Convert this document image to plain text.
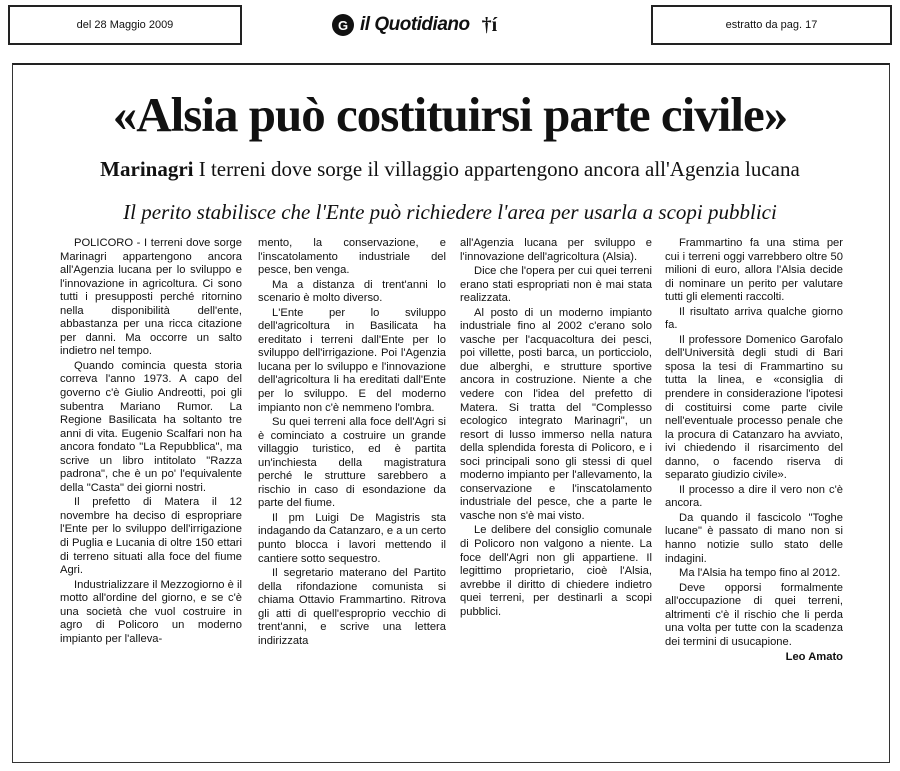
del 28 Maggio 2009	G il Quotidiano †í	estratto da pag. 17
«Alsia può costituirsi parte civile»
Marinagri I terreni dove sorge il villaggio appartengono ancora all'Agenzia lucana
Il perito stabilisce che l'Ente può richiedere l'area per usarla a scopi pubblici

POLICORO - I terreni dove sorge Marinagri appartengono ancora all'Agenzia lucana per lo sviluppo e l'innovazione in agricoltura. Ci sono tutti i presupposti perché ritornino nella disponibilità dell'ente, abbastanza per una ricca citazione per danni. Ma occorre un salto indietro nel tempo.

Quando comincia questa storia correva l'anno 1973. A capo del governo c'è Giulio Andreotti, poi gli subentra Mariano Rumor. La Regione Basilicata ha soltanto tre anni di vita. Eugenio Scalfari non ha ancora fondato "La Repubblica", ma scrive un libro intitolato "Razza padrona", che è un po' l'equivalente della "Casta" dei giorni nostri.

Il prefetto di Matera il 12 novembre ha deciso di espropriare l'Ente per lo sviluppo dell'irrigazione di Puglia e Lucania di oltre 150 ettari di terreno situati alla foce del fiume Agri.

Industrializzare il Mezzogiorno è il motto all'ordine del giorno, e se c'è una società che vuol costruire in agro di Policoro un moderno impianto per l'alleva-

mento, la conservazione, e l'inscatolamento industriale del pesce, ben venga.

Ma a distanza di trent'anni lo scenario è molto diverso.

L'Ente per lo sviluppo dell'agricoltura in Basilicata ha ereditato i terreni dall'Ente per lo sviluppo dell'irrigazione. Poi l'Agenzia lucana per lo sviluppo e l'innovazione dell'agricoltura li ha ereditati dall'Ente per lo sviluppo. E del moderno impianto non c'è nemmeno l'ombra.

Su quei terreni alla foce dell'Agri si è cominciato a costruire un grande villaggio turistico, ed è partita un'inchiesta della magistratura perché le strutture sarebbero a rischio in caso di esondazione da parte del fiume.

Il pm Luigi De Magistris sta indagando da Catanzaro, e a un certo punto blocca i lavori mettendo il cantiere sotto sequestro.

Il segretario materano del Partito della rifondazione comunista si chiama Ottavio Frammartino. Ritrova gli atti di quell'esproprio vecchio di trent'anni, e scrive una lettera indirizzata

all'Agenzia lucana per sviluppo e l'innovazione dell'agricoltura (Alsia).

Dice che l'opera per cui quei terreni erano stati espropriati non è mai stata realizzata.

Al posto di un moderno impianto industriale fino al 2002 c'erano solo vasche per l'acquacoltura dei pesci, poi villette, posti barca, un porticciolo, due alberghi, e strutture sportive ancora in costruzione. Niente a che vedere con l'idea del prefetto di Matera. Si tratta del "Complesso ecologico integrato Marinagri", un resort di lusso immerso nella natura della splendida foresta di Policoro, e i soci principali sono gli stessi di quel moderno impianto per l'allevamento, la conservazione e l'inscatolamento industriale del pesce, che a parte le vasche non s'è mai visto.

Le delibere del consiglio comunale di Policoro non valgono a niente. La foce dell'Agri non gli appartiene. Il legittimo proprietario, cioè l'Alsia, avrebbe il diritto di chiedere indietro quei terreni, per destinarli a scopi pubblici.

Frammartino fa una stima per cui i terreni oggi varrebbero oltre 50 milioni di euro, allora l'Alsia decide di nominare un perito per valutare tutti gli elementi raccolti.

Il risultato arriva qualche giorno fa.

Il professore Domenico Garofalo dell'Università degli studi di Bari sposa la tesi di Frammartino su tutta la linea, e «consiglia di prendere in considerazione l'ipotesi di costituirsi come parte civile nell'eventuale processo penale che la procura di Catanzaro ha avviato, ivi chiedendo il risarcimento del danno, o facendo riserva di separato giudizio civile».

Il processo a dire il vero non c'è ancora.

Da quando il fascicolo "Toghe lucane" è passato di mano non si hanno notizie sullo stato delle indagini.

Ma l'Alsia ha tempo fino al 2012.

Deve opporsi formalmente all'occupazione di quei terreni, altrimenti c'è il rischio che li perda una volta per tutte con la scadenza dei termini di usucapione.

Leo Amato
